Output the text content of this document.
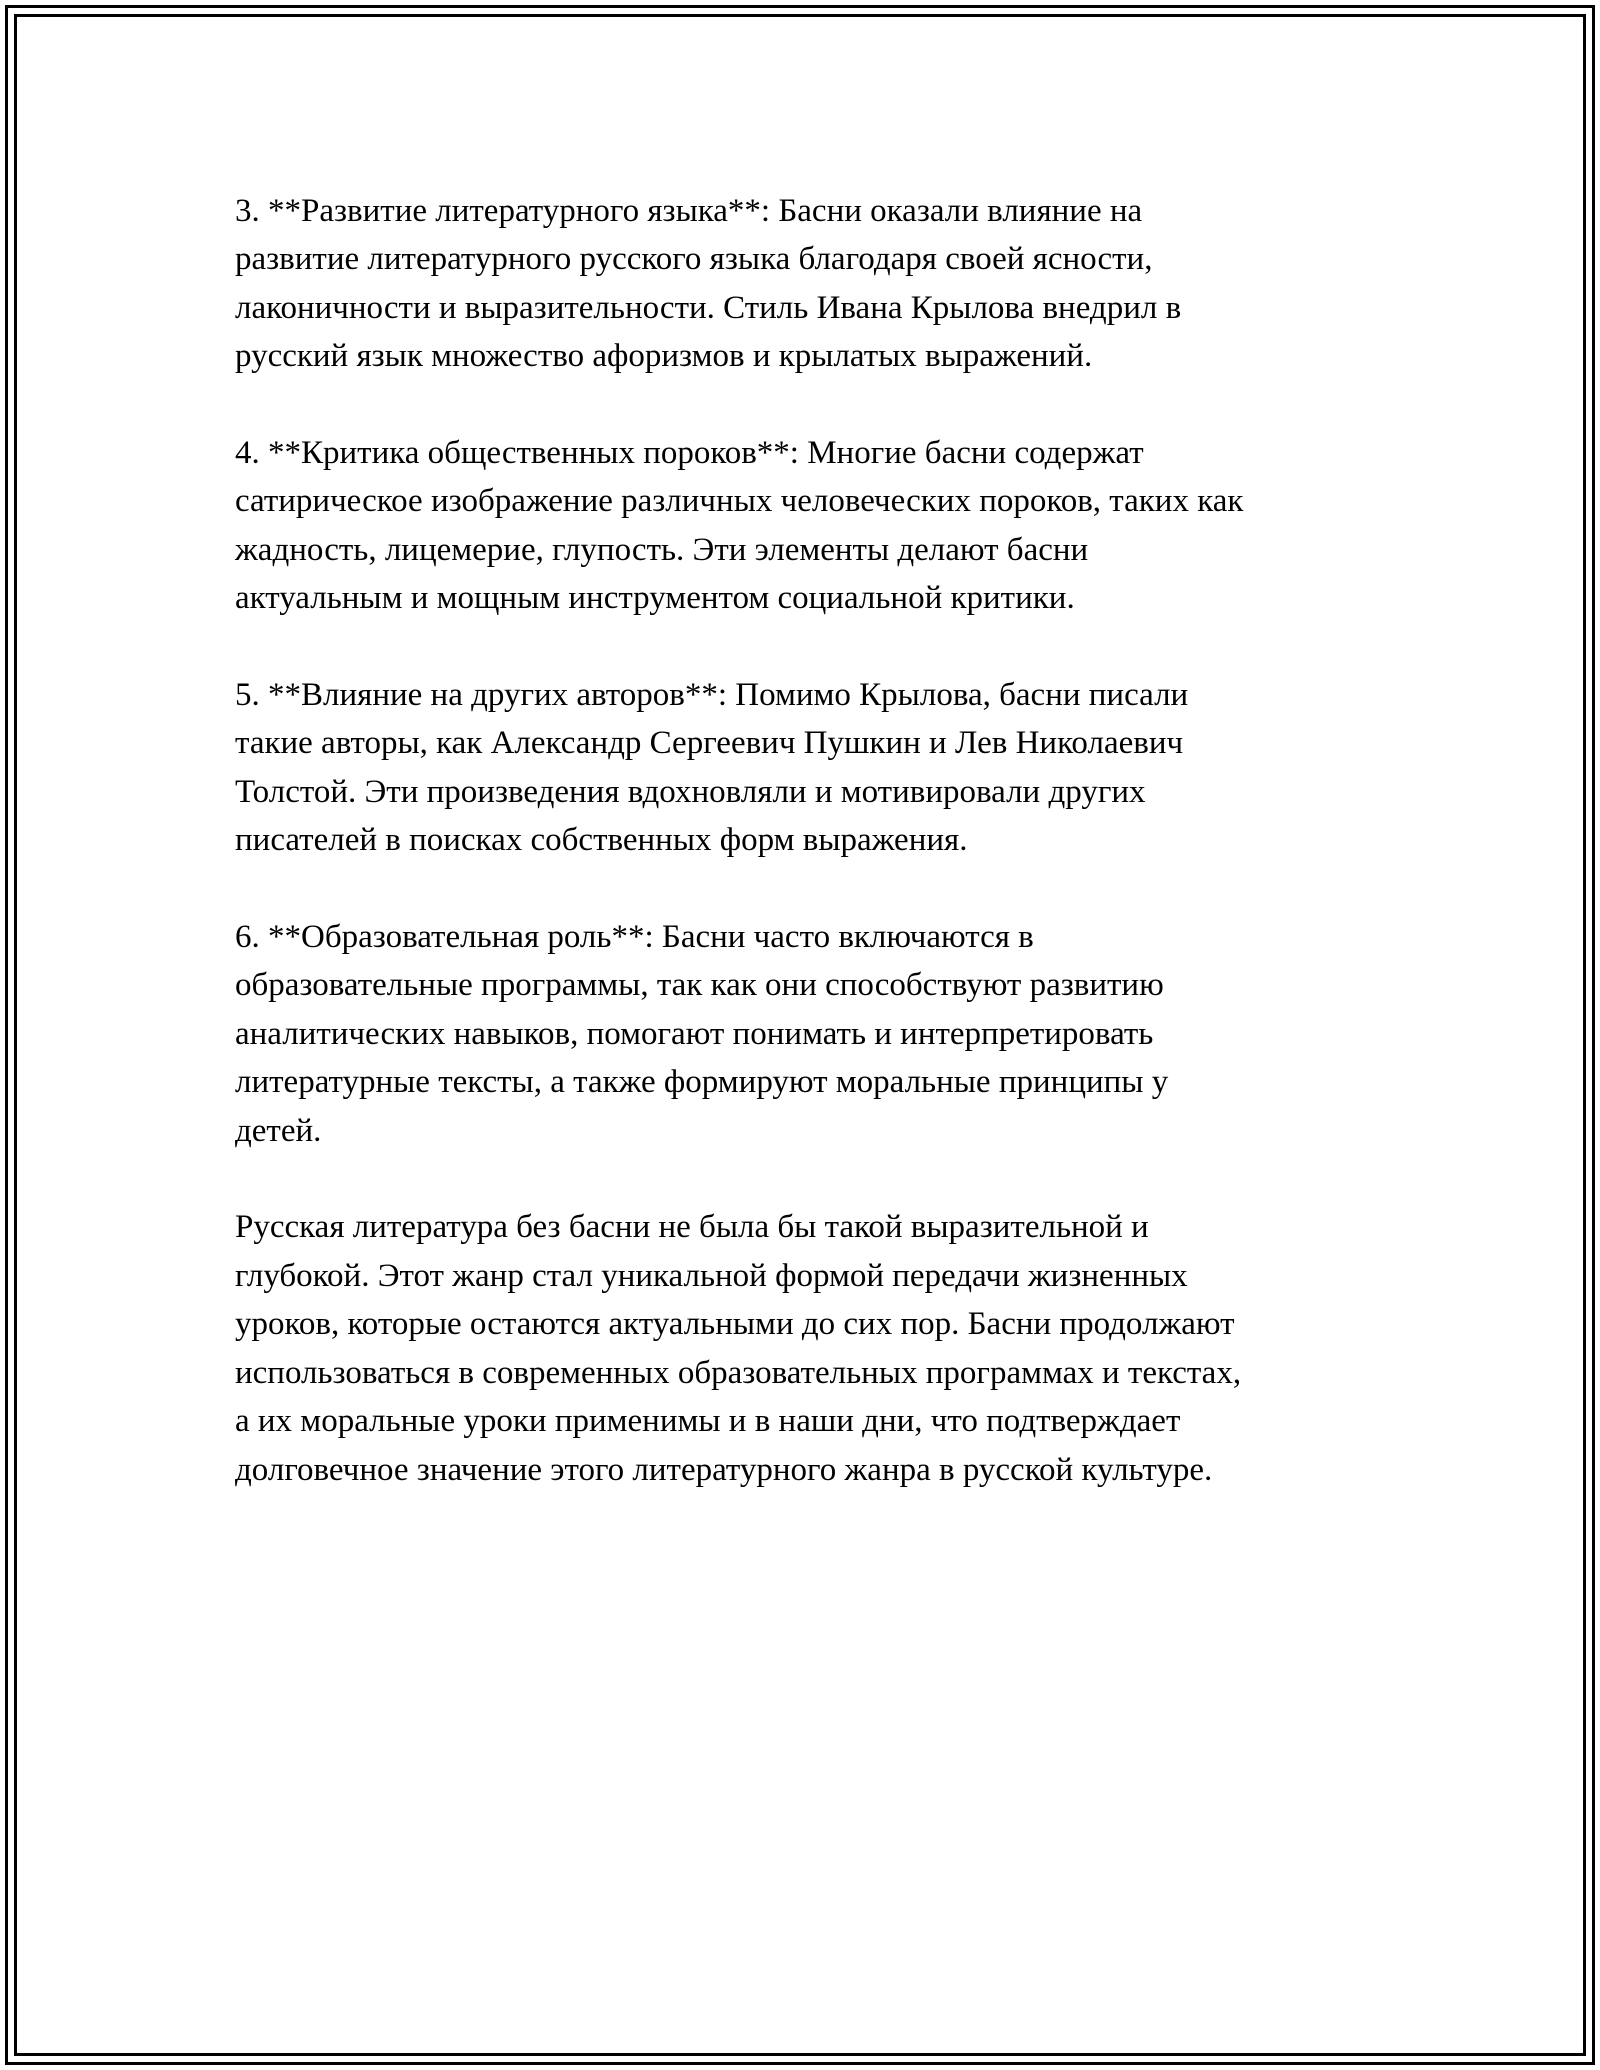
3. **Развитие литературного языка**: Басни оказали влияние на
развитие литературного русского языка благодаря своей ясности,
лаконичности и выразительности. Стиль Ивана Крылова внедрил в
русский язык множество афоризмов и крылатых выражений.

4. **Критика общественных пороков**: Многие басни содержат
сатирическое изображение различных человеческих пороков, таких как
жадность, лицемерие, глупость. Эти элементы делают басни
актуальным и мощным инструментом социальной критики.

5. **Влияние на других авторов**: Помимо Крылова, басни писали
такие авторы, как Александр Сергеевич Пушкин и Лев Николаевич
Толстой. Эти произведения вдохновляли и мотивировали других
писателей в поисках собственных форм выражения.

6. **Образовательная роль**: Басни часто включаются в
образовательные программы, так как они способствуют развитию
аналитических навыков, помогают понимать и интерпретировать
литературные тексты, а также формируют моральные принципы у
детей.

Русская литература без басни не была бы такой выразительной и
глубокой. Этот жанр стал уникальной формой передачи жизненных
уроков, которые остаются актуальными до сих пор. Басни продолжают
использоваться в современных образовательных программах и текстах,
а их моральные уроки применимы и в наши дни, что подтверждает
долговечное значение этого литературного жанра в русской культуре.
